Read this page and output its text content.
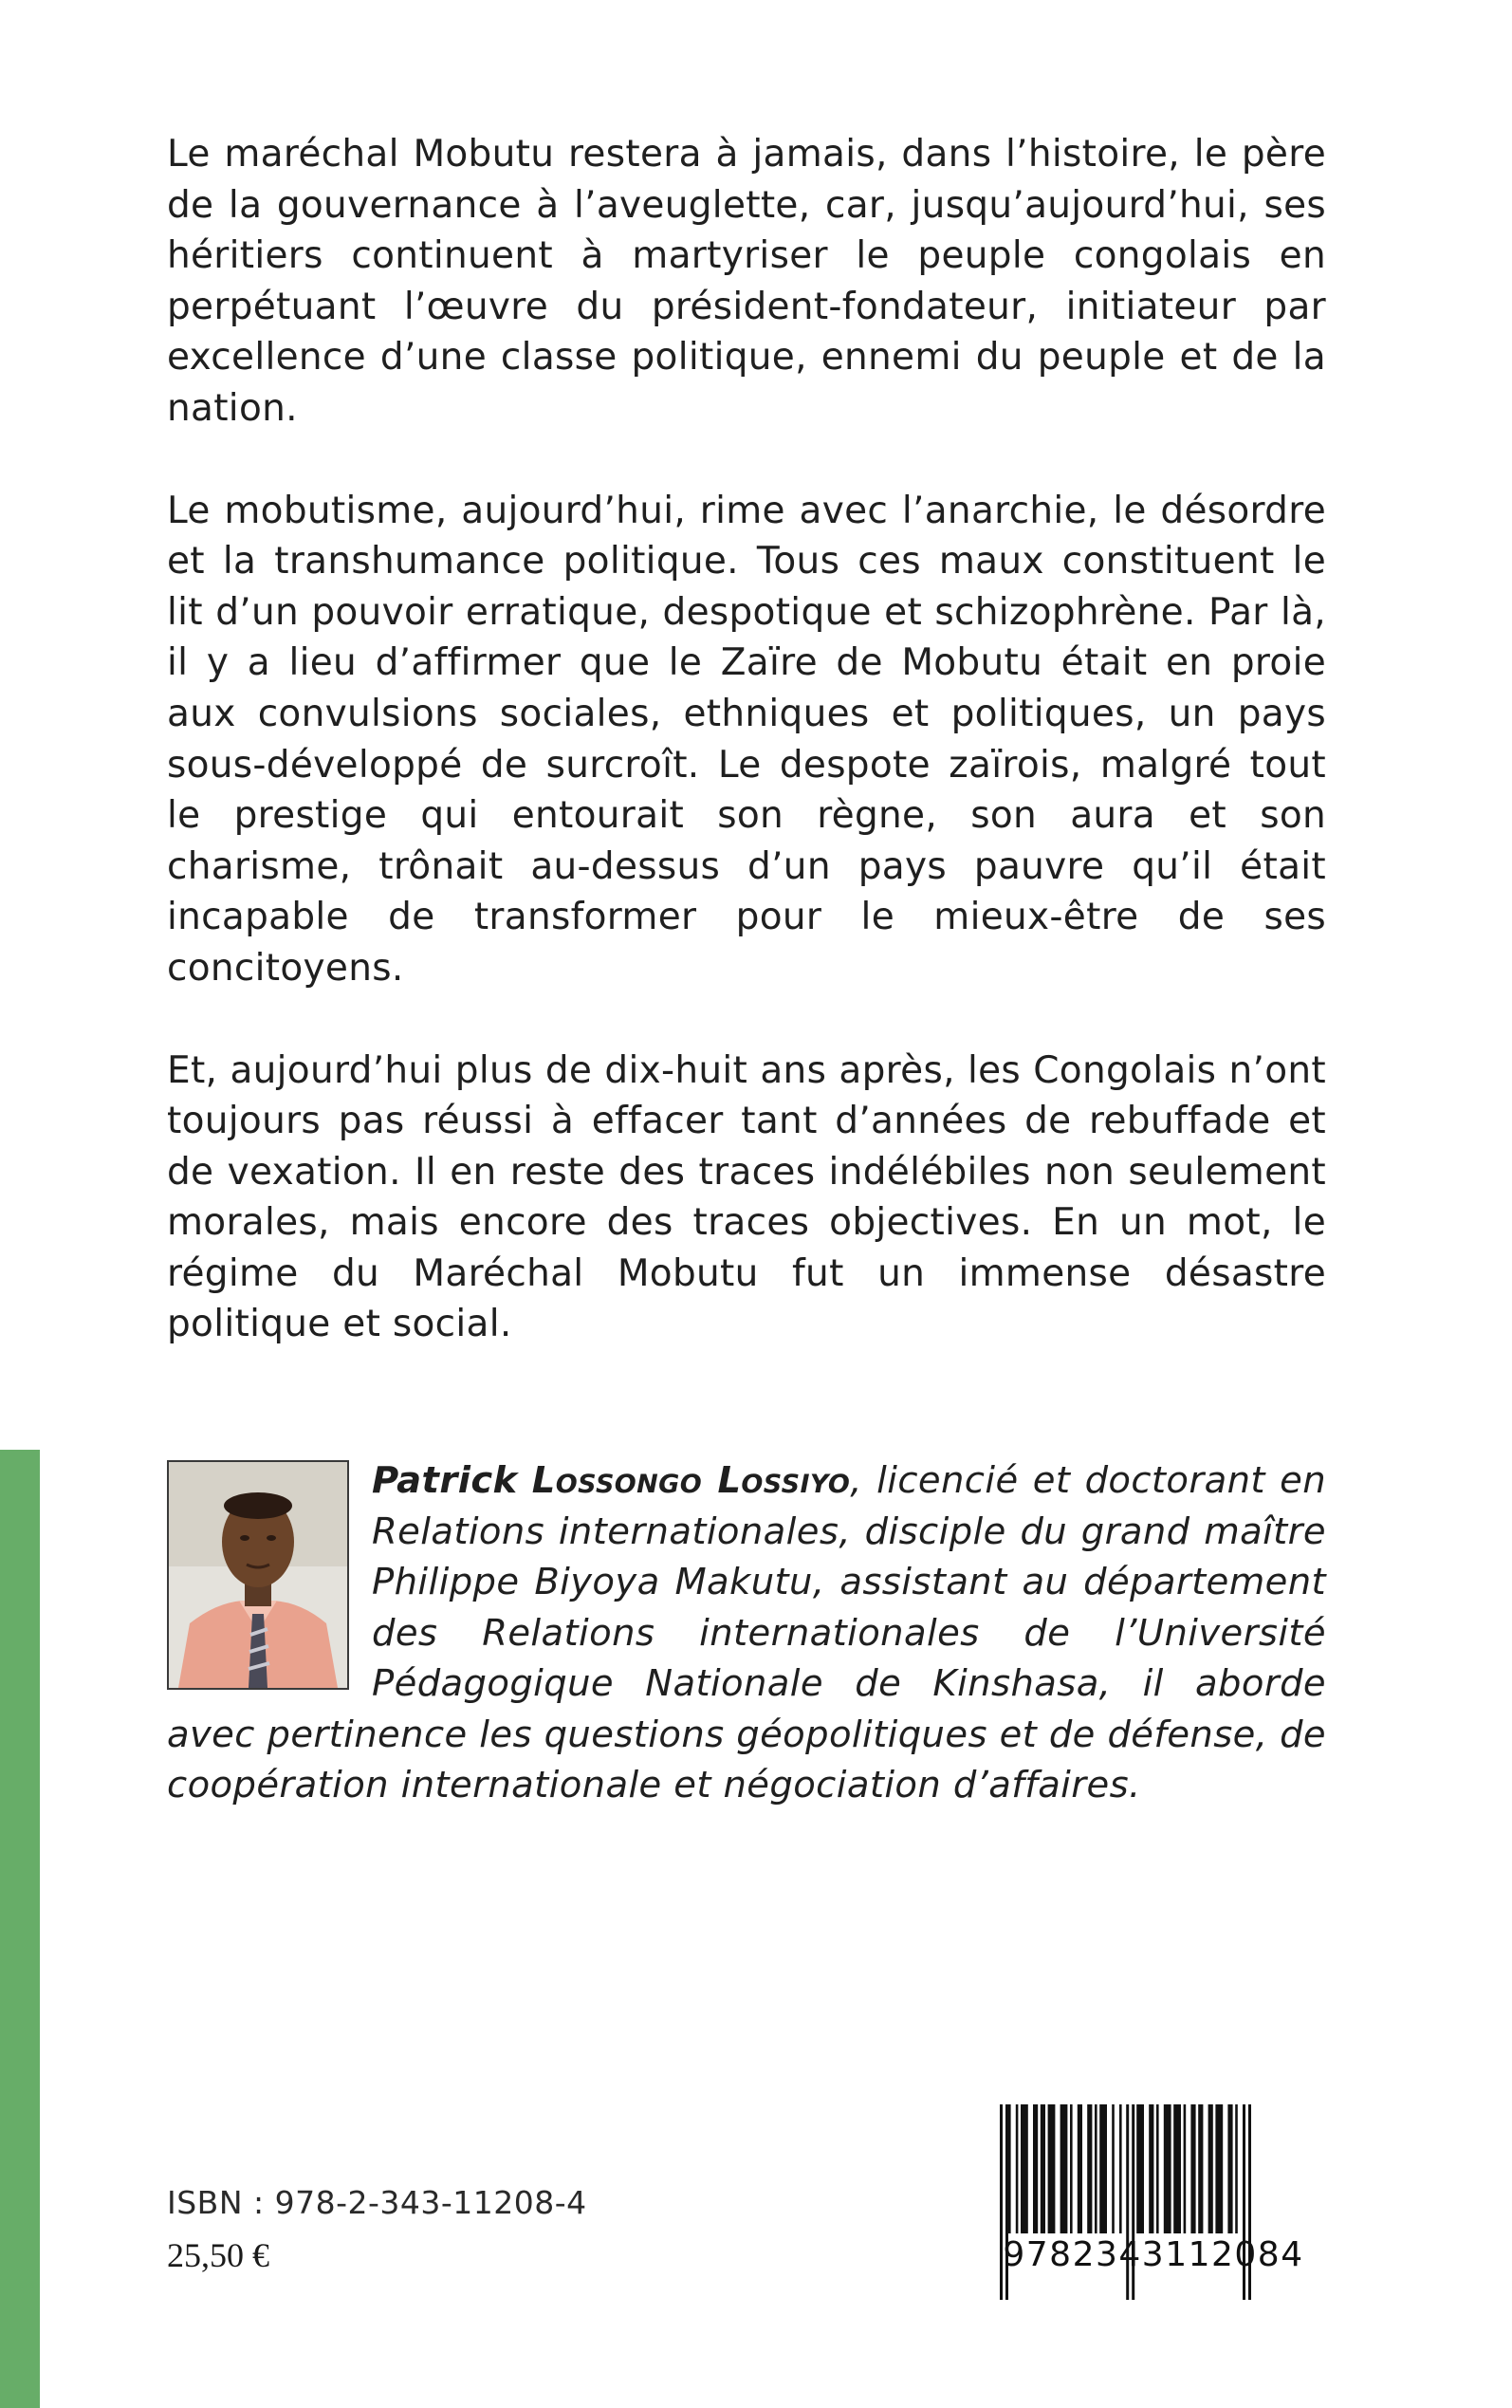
Le maréchal Mobutu restera à jamais, dans l’histoire, le père de la gouvernance à l’aveuglette, car, jusqu’aujourd’hui, ses héritiers continuent à martyriser le peuple congolais en perpétuant l’œuvre du président-fondateur, initiateur par excellence d’une classe politique, ennemi du peuple et de la nation.

Le mobutisme, aujourd’hui, rime avec l’anarchie, le désordre et la transhumance politique. Tous ces maux constituent le lit d’un pouvoir erratique, despotique et schizophrène. Par là, il y a lieu d’affirmer que le Zaïre de Mobutu était en proie aux convulsions sociales, ethniques et politiques, un pays sous-développé de surcroît. Le despote zaïrois, malgré tout le prestige qui entourait son règne, son aura et son charisme, trônait au-dessus d’un pays pauvre qu’il était incapable de transformer pour le mieux-être de ses concitoyens.

Et, aujourd’hui plus de dix-huit ans après, les Congolais n’ont toujours pas réussi à effacer tant d’années de rebuffade et de vexation. Il en reste des traces indélébiles non seulement morales, mais encore des traces objectives. En un mot, le régime du Maréchal Mobutu fut un immense désastre politique et social.

Patrick Lossongo Lossiyo, licencié et doctorant en Relations internationales, disciple du grand maître Philippe Biyoya Makutu, assistant au département des Relations internationales de l’Université Pédagogique Nationale de Kinshasa, il aborde avec pertinence les questions géopolitiques et de défense, de coopération internationale et négociation d’affaires.
ISBN : 978-2-343-11208-4
25,50 €	9782343112084
